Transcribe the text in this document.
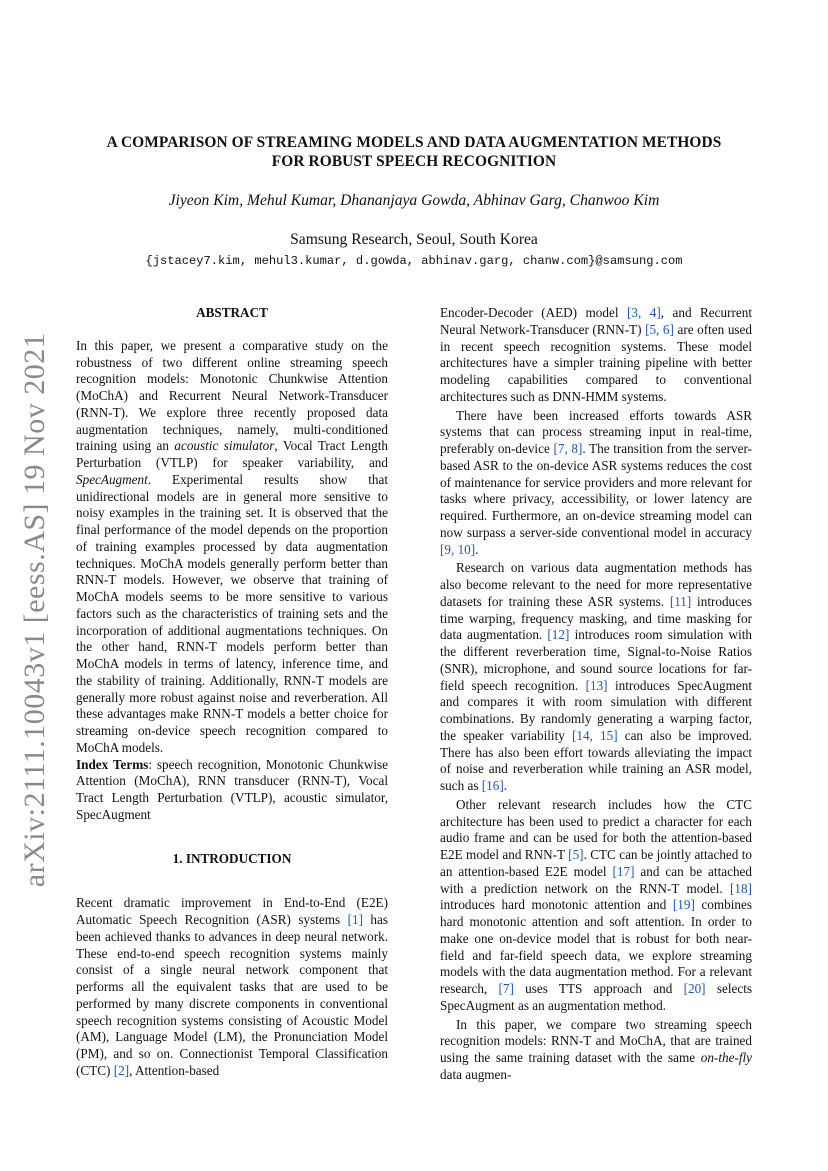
arXiv:2111.10043v1 [eess.AS] 19 Nov 2021
A COMPARISON OF STREAMING MODELS AND DATA AUGMENTATION METHODS
FOR ROBUST SPEECH RECOGNITION
Jiyeon Kim, Mehul Kumar, Dhananjaya Gowda, Abhinav Garg, Chanwoo Kim
Samsung Research, Seoul, South Korea
{jstacey7.kim, mehul3.kumar, d.gowda, abhinav.garg, chanw.com}@samsung.com
ABSTRACT

In this paper, we present a comparative study on the robustness of two different online streaming speech recognition models: Monotonic Chunkwise Attention (MoChA) and Recurrent Neural Network-Transducer (RNN-T). We explore three recently proposed data augmentation techniques, namely, multi-conditioned training using an acoustic simulator, Vocal Tract Length Perturbation (VTLP) for speaker variability, and SpecAugment. Experimental results show that unidirectional models are in general more sensitive to noisy examples in the training set. It is observed that the final performance of the model depends on the proportion of training examples processed by data augmentation techniques. MoChA models generally perform better than RNN-T models. However, we observe that training of MoChA models seems to be more sensitive to various factors such as the characteristics of training sets and the incorporation of additional augmentations techniques. On the other hand, RNN-T models perform better than MoChA models in terms of latency, inference time, and the stability of training. Additionally, RNN-T models are generally more robust against noise and reverberation. All these advantages make RNN-T models a better choice for streaming on-device speech recognition compared to MoChA models.

Index Terms: speech recognition, Monotonic Chunkwise Attention (MoChA), RNN transducer (RNN-T), Vocal Tract Length Perturbation (VTLP), acoustic simulator, SpecAugment

1. INTRODUCTION

Recent dramatic improvement in End-to-End (E2E) Automatic Speech Recognition (ASR) systems [1] has been achieved thanks to advances in deep neural network. These end-to-end speech recognition systems mainly consist of a single neural network component that performs all the equivalent tasks that are used to be performed by many discrete components in conventional speech recognition systems consisting of Acoustic Model (AM), Language Model (LM), the Pronunciation Model (PM), and so on. Connectionist Temporal Classification (CTC) [2], Attention-based

Encoder-Decoder (AED) model [3, 4], and Recurrent Neural Network-Transducer (RNN-T) [5, 6] are often used in recent speech recognition systems. These model architectures have a simpler training pipeline with better modeling capabilities compared to conventional architectures such as DNN-HMM systems.

There have been increased efforts towards ASR systems that can process streaming input in real-time, preferably on-device [7, 8]. The transition from the server-based ASR to the on-device ASR systems reduces the cost of maintenance for service providers and more relevant for tasks where privacy, accessibility, or lower latency are required. Furthermore, an on-device streaming model can now surpass a server-side conventional model in accuracy [9, 10].

Research on various data augmentation methods has also become relevant to the need for more representative datasets for training these ASR systems. [11] introduces time warping, frequency masking, and time masking for data augmentation. [12] introduces room simulation with the different reverberation time, Signal-to-Noise Ratios (SNR), microphone, and sound source locations for far-field speech recognition. [13] introduces SpecAugment and compares it with room simulation with different combinations. By randomly generating a warping factor, the speaker variability [14, 15] can also be improved. There has also been effort towards alleviating the impact of noise and reverberation while training an ASR model, such as [16].

Other relevant research includes how the CTC architecture has been used to predict a character for each audio frame and can be used for both the attention-based E2E model and RNN-T [5]. CTC can be jointly attached to an attention-based E2E model [17] and can be attached with a prediction network on the RNN-T model. [18] introduces hard monotonic attention and [19] combines hard monotonic attention and soft attention. In order to make one on-device model that is robust for both near-field and far-field speech data, we explore streaming models with the data augmentation method. For a relevant research, [7] uses TTS approach and [20] selects SpecAugment as an augmentation method.

In this paper, we compare two streaming speech recognition models: RNN-T and MoChA, that are trained using the same training dataset with the same on-the-fly data augmen-
